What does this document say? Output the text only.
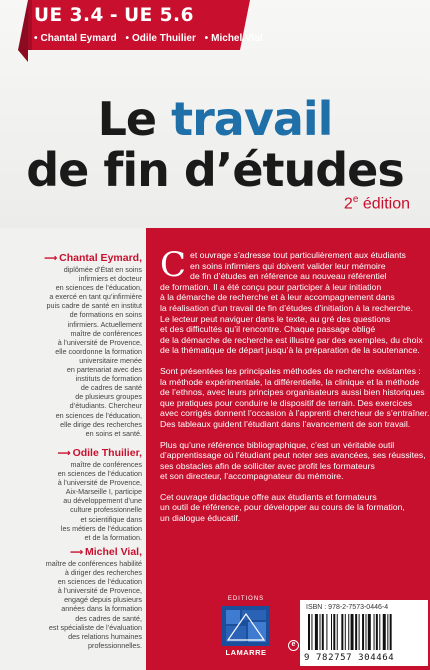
UE 3.4 - UE 5.6
• Chantal Eymard • Odile Thuilier • Michel Vial
Le travail
de fin d’études
2e édition
⟶ Chantal Eymard,
diplômée d’État en soins
infirmiers et docteur
en sciences de l’éducation,
a exercé en tant qu’infirmière
puis cadre de santé en institut
de formations en soins
infirmiers. Actuellement
maître de conférences
à l’université de Provence,
elle coordonne la formation
universitaire menée
en partenariat avec des
instituts de formation
de cadres de santé
de plusieurs groupes
d’étudiants. Chercheur
en sciences de l’éducation,
elle dirige des recherches
en soins et santé.
⟶ Odile Thuilier,
maître de conférences
en sciences de l’éducation
à l’université de Provence,
Aix-Marseille I, participe
au développement d’une
culture professionnelle
et scientifique dans
les métiers de l’éducation
et de la formation.
⟶ Michel Vial,
maître de conférences habilité
à diriger des recherches
en sciences de l’éducation
à l’université de Provence,
engagé depuis plusieurs
années dans la formation
des cadres de santé,
est spécialiste de l’évaluation
des relations humaines
professionnelles.
C et ouvrage s’adresse tout particulièrement aux étudiants
en soins infirmiers qui doivent valider leur mémoire
de fin d’études en référence au nouveau référentiel
de formation. Il a été conçu pour participer à leur initiation
à la démarche de recherche et à leur accompagnement dans
la réalisation d’un travail de fin d’études d’initiation à la recherche.
Le lecteur peut naviguer dans le texte, au gré des questions
et des difficultés qu’il rencontre. Chaque passage obligé
de la démarche de recherche est illustré par des exemples, du choix
de la thématique de départ jusqu’à la préparation de la soutenance.
Sont présentées les principales méthodes de recherche existantes :
la méthode expérimentale, la différentielle, la clinique et la méthode
de l’ethnos, avec leurs principes organisateurs aussi bien historiques
que pratiques pour conduire le dispositif de terrain. Des exercices
avec corrigés donnent l’occasion à l’apprenti chercheur de s’entraîner.
Des tableaux guident l’étudiant dans l’avancement de son travail.
Plus qu’une référence bibliographique, c’est un véritable outil
d’apprentissage où l’étudiant peut noter ses avancées, ses réussites,
ses obstacles afin de solliciter avec profit les formateurs
et son directeur, l’accompagnateur du mémoire.
Cet ouvrage didactique offre aux étudiants et formateurs
un outil de référence, pour développer au cours de la formation,
un dialogue éducatif.
EDITIONS
LAMARRE
e
ISBN : 978-2-7573-0446-4
9 782757 304464
